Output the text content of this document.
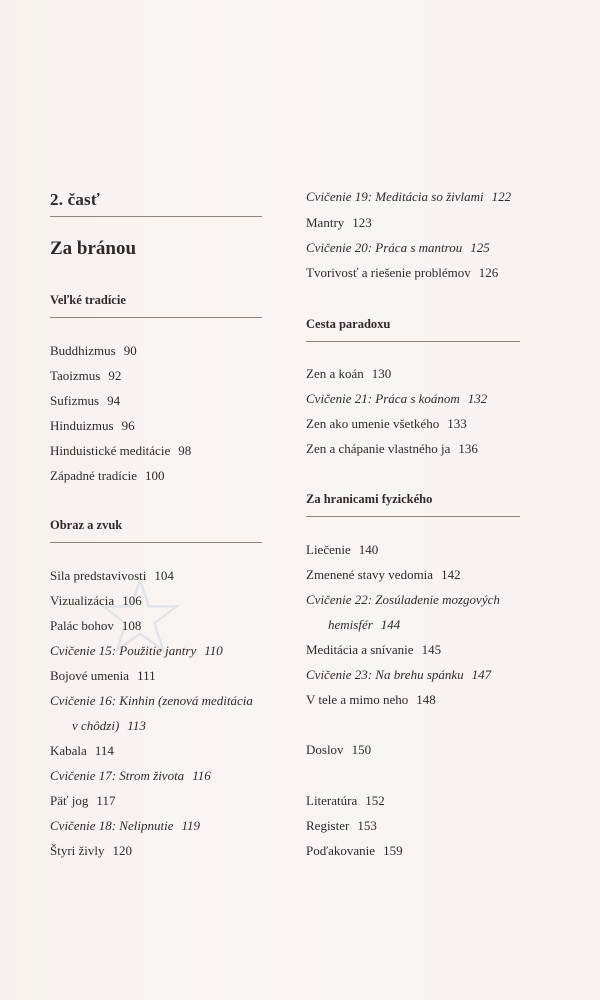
2. časť
Za bránou
Veľké tradície
Buddhizmus 90
Taoizmus 92
Sufizmus 94
Hinduizmus 96
Hinduistické meditácie 98
Západné tradície 100
Obraz a zvuk
Sila predstavivosti 104
Vizualizácia 106
Palác bohov 108
Cvičenie 15: Použitie jantry 110
Bojové umenia 111
Cvičenie 16: Kinhin (zenová meditácia
v chôdzi) 113
Kabala 114
Cvičenie 17: Strom života 116
Päť jog 117
Cvičenie 18: Nelipnutie 119
Štyri živly 120
Cvičenie 19: Meditácia so živlami 122
Mantry 123
Cvičenie 20: Práca s mantrou 125
Tvorivosť a riešenie problémov 126
Cesta paradoxu
Zen a koán 130
Cvičenie 21: Práca s koánom 132
Zen ako umenie všetkého 133
Zen a chápanie vlastného ja 136
Za hranicami fyzického
Liečenie 140
Zmenené stavy vedomia 142
Cvičenie 22: Zosúladenie mozgových
hemisfér 144
Meditácia a snívanie 145
Cvičenie 23: Na brehu spánku 147
V tele a mimo neho 148
Doslov 150
Literatúra 152
Register 153
Poďakovanie 159
